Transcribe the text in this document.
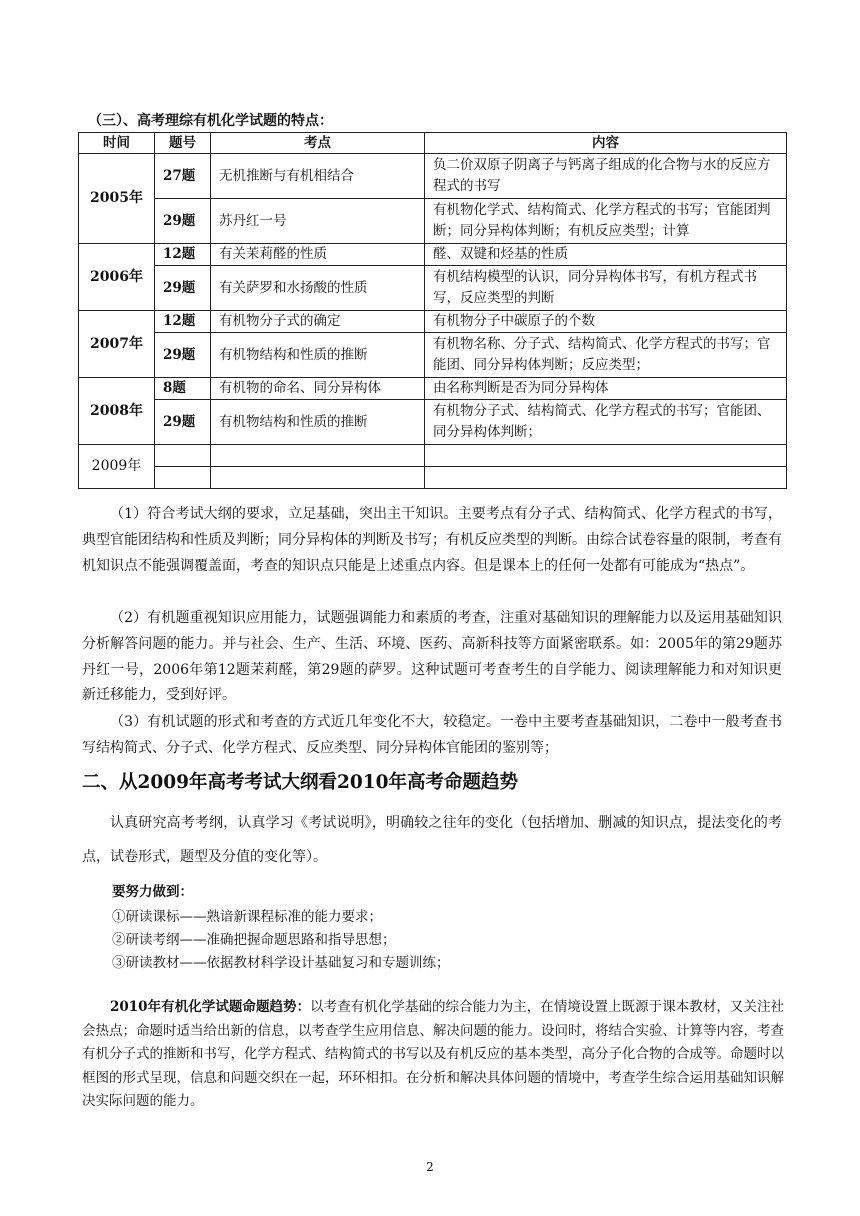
（三）、高考理综有机化学试题的特点：
时间	题号	考点	内容
2005年	27题	无机推断与有机相结合	负二价双原子阴离子与钙离子组成的化合物与水的反应方程式的书写
	29题	苏丹红一号	有机物化学式、结构简式、化学方程式的书写；官能团判断；同分异构体判断；有机反应类型；计算
2006年	12题	有关茉莉醛的性质	醛、双键和烃基的性质
	29题	有关萨罗和水扬酸的性质	有机结构模型的认识，同分异构体书写，有机方程式书写，反应类型的判断
2007年	12题	有机物分子式的确定	有机物分子中碳原子的个数
	29题	有机物结构和性质的推断	有机物名称、分子式、结构简式、化学方程式的书写；官能团、同分异构体判断；反应类型；
2008年	8题	有机物的命名、同分异构体	由名称判断是否为同分异构体
	29题	有机物结构和性质的推断	有机物分子式、结构简式、化学方程式的书写；官能团、同分异构体判断；
2009年			

（1）符合考试大纲的要求，立足基础，突出主干知识。主要考点有分子式、结构简式、化学方程式的书写，典型官能团结构和性质及判断；同分异构体的判断及书写；有机反应类型的判断。由综合试卷容量的限制，考查有机知识点不能强调覆盖面，考查的知识点只能是上述重点内容。但是课本上的任何一处都有可能成为“热点”。

（2）有机题重视知识应用能力，试题强调能力和素质的考查，注重对基础知识的理解能力以及运用基础知识分析解答问题的能力。并与社会、生产、生活、环境、医药、高新科技等方面紧密联系。如：2005年的第29题苏丹红一号，2006年第12题茉莉醛，第29题的萨罗。这种试题可考查考生的自学能力、阅读理解能力和对知识更新迁移能力，受到好评。

（3）有机试题的形式和考查的方式近几年变化不大，较稳定。一卷中主要考查基础知识，二卷中一般考查书写结构简式、分子式、化学方程式、反应类型、同分异构体官能团的鉴别等；

二、从2009年高考考试大纲看2010年高考命题趋势

认真研究高考考纲，认真学习《考试说明》，明确较之往年的变化（包括增加、删减的知识点，提法变化的考点，试卷形式，题型及分值的变化等）。

要努力做到：
①研读课标——熟谙新课程标准的能力要求；
②研读考纲——准确把握命题思路和指导思想；
③研读教材——依据教材科学设计基础复习和专题训练；

2010年有机化学试题命题趋势：以考查有机化学基础的综合能力为主，在情境设置上既源于课本教材，又关注社会热点；命题时适当给出新的信息，以考查学生应用信息、解决问题的能力。设问时，将结合实验、计算等内容，考查有机分子式的推断和书写，化学方程式、结构简式的书写以及有机反应的基本类型，高分子化合物的合成等。命题时以框图的形式呈现，信息和问题交织在一起，环环相扣。在分析和解决具体问题的情境中，考查学生综合运用基础知识解决实际问题的能力。

2
